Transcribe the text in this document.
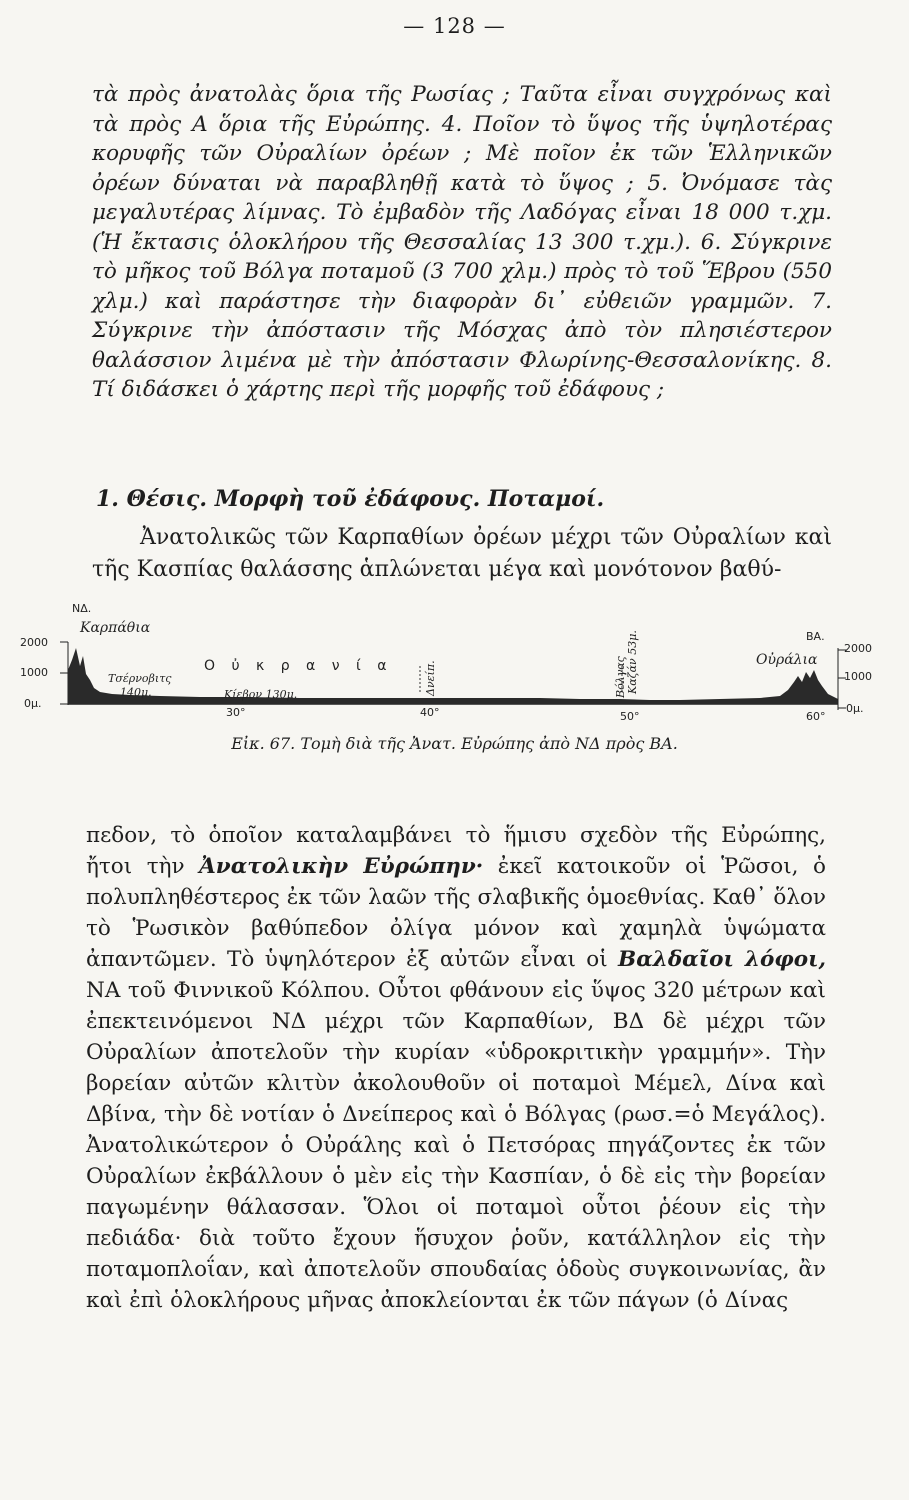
— 128 —
τὰ πρὸς ἀνατολὰς ὅρια τῆς Ρωσίας ; Ταῦτα εἶναι συγχρόνως καὶ τὰ πρὸς Α ὅρια τῆς Εὐρώπης. 4. Ποῖον τὸ ὕψος τῆς ὑψηλοτέρας κορυφῆς τῶν Οὐραλίων ὀρέων ; Μὲ ποῖον ἐκ τῶν Ἑλληνικῶν ὀρέων δύναται νὰ παραβληθῇ κατὰ τὸ ὕψος ; 5. Ὀνόμασε τὰς μεγαλυτέρας λίμνας. Τὸ ἐμβαδὸν τῆς Λαδόγας εἶναι 18 000 τ.χμ. (Ἡ ἔκτασις ὁλοκλήρου τῆς Θεσσαλίας 13 300 τ.χμ.). 6. Σύγκρινε τὸ μῆκος τοῦ Βόλγα ποταμοῦ (3 700 χλμ.) πρὸς τὸ τοῦ Ἕβρου (550 χλμ.) καὶ παράστησε τὴν διαφορὰν δι᾿ εὐθειῶν γραμμῶν. 7. Σύγκρινε τὴν ἀπόστασιν τῆς Μόσχας ἀπὸ τὸν πλησιέστερον θαλάσσιον λιμένα μὲ τὴν ἀπόστασιν Φλωρίνης-Θεσσαλονίκης. 8. Τί διδάσκει ὁ χάρτης περὶ τῆς μορφῆς τοῦ ἐδάφους ;
1. Θέσις. Μορφὴ τοῦ ἐδάφους. Ποταμοί.

Ἀνατολικῶς τῶν Καρπαθίων ὀρέων μέχρι τῶν Οὐραλίων καὶ τῆς Κασπίας θαλάσσης ἁπλώνεται μέγα καὶ μονότονον βαθύ-

ΝΔ.
Καρπάθια
2000
1000
0μ.
Τσέρνοβιτς
140μ.
Ο ὐ κ ρ α ν ί α
Κίεβον 130μ.	Δνείπ.	Βόλγας Καζάν 53μ.	ΒΑ.
Οὐράλια
2000
1000
0μ.
30°	40°	50°	60°
Εἰκ. 67. Τομὴ διὰ τῆς Ἀνατ. Εὐρώπης ἀπὸ ΝΔ πρὸς ΒΑ.

πεδον, τὸ ὁποῖον καταλαμβάνει τὸ ἥμισυ σχεδὸν τῆς Εὐρώπης, ἤτοι τὴν Ἀνατολικὴν Εὐρώπην· ἐκεῖ κατοικοῦν οἱ Ῥῶσοι, ὁ πολυπληθέστερος ἐκ τῶν λαῶν τῆς σλαβικῆς ὁμοεθνίας. Καθ᾿ ὅλον τὸ Ῥωσικὸν βαθύπεδον ὀλίγα μόνον καὶ χαμηλὰ ὑψώματα ἀπαντῶμεν. Τὸ ὑψηλότερον ἐξ αὐτῶν εἶναι οἱ Βαλδαῖοι λόφοι, ΝΑ τοῦ Φιννικοῦ Κόλπου. Οὗτοι φθάνουν εἰς ὕψος 320 μέτρων καὶ ἐπεκτεινόμενοι ΝΔ μέχρι τῶν Καρπαθίων, ΒΔ δὲ μέχρι τῶν Οὐραλίων ἀποτελοῦν τὴν κυρίαν «ὑδροκριτικὴν γραμμήν». Τὴν βορείαν αὐτῶν κλιτὺν ἀκολουθοῦν οἱ ποταμοὶ Μέμελ, Δίνα καὶ Δβίνα, τὴν δὲ νοτίαν ὁ Δνείπερος καὶ ὁ Βόλγας (ρωσ.=ὁ Μεγάλος). Ἀνατολικώτερον ὁ Οὐράλης καὶ ὁ Πετσόρας πηγάζοντες ἐκ τῶν Οὐραλίων ἐκβάλλουν ὁ μὲν εἰς τὴν Κασπίαν, ὁ δὲ εἰς τὴν βορείαν παγωμένην θάλασσαν. Ὅλοι οἱ ποταμοὶ οὗτοι ῥέουν εἰς τὴν πεδιάδα· διὰ τοῦτο ἔχουν ἥσυχον ῥοῦν, κατάλληλον εἰς τὴν ποταμοπλοΐαν, καὶ ἀποτελοῦν σπουδαίας ὁδοὺς συγκοινωνίας, ἂν καὶ ἐπὶ ὁλοκλήρους μῆνας ἀποκλείονται ἐκ τῶν πάγων (ὁ Δίνας
